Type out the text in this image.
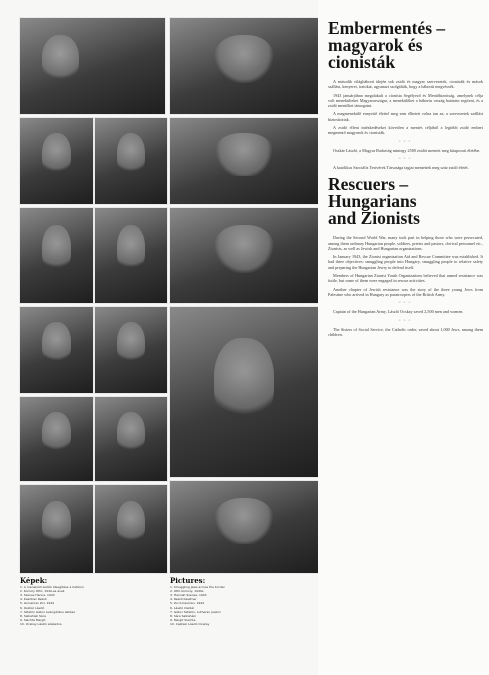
Képek:

1. A menekülő zsidók átsegítése a határon

2. Komoly Ottó, 1940-es évek

3. Szenes Hanna, 1943

4. Kasztner Rezső

5. Grossman Zvi, 1944

6. Oszkár László

7. Sztehlo Gábor evangélikus lelkész

8. Salkaházi Sára

9. Slachta Margit

10. Ocskay László százados

Pictures:

1. Smuggling Jews across the border

2. Ottó Komoly, 1940s

3. Hannah Szenes, 1943

4. Rezső Kasztner

5. Zvi Grossman, 1944

6. László Oszkár

7. Gábor Sztehlo, Lutheran pastor

8. Sára Salkaházi

9. Margit Slachta

10. Captain László Ocskay

Embermentés –
magyarok és cionisták

A második világháború idején sok zsidó és magyar szervezetek, cionisták és mások szállást, kenyeret, iratokat, ugyanazt szolgálták, hogy a háborút megvéssék.

1943 januárjában megalakult a cionista Segélyező és Mentőbizottság, amelynek célja volt menekülteket Magyarországra, a menekülőket a háborús ország határain segíteni, és a zsidó mentőket támogatni.

A megmenekülő ennyeitő élettel meg sem élhetett volna tan az, a szervezetek szállást biztosítottak.

A zsidó elleni intézkedéseket követően a mentés céljából a legtöbb zsidó embert megmentő magyarok és cionisták.

◦◦◦

Oszkár László, a Magyar Radarság mintegy 2500 zsidót mentett meg kitaposott életébe.

◦◦◦

A katolikus Szociális Testvérek Társasága tagjai mentettek meg száz zsidó életét.

Rescuers – Hungarians
and Zionists

During the Second World War, many took part in helping those who were persecuted, among them ordinary Hungarian people, soldiers, priests and pastors, clerical personnel etc., Zionists, as well as Jewish and Hungarian organizations.

In January 1943, the Zionist organization Aid and Rescue Committee was established. It had three objectives: smuggling people into Hungary, smuggling people to relative safety and preparing the Hungarian Jewry to defend itself.

Members of Hungarian Zionist Youth Organizations believed that armed resistance was futile, but some of them were engaged in rescue activities.

Another chapter of Jewish resistance was the story of the three young Jews from Palestine who arrived in Hungary as paratroopers of the British Army.

◦◦◦

Captain of the Hungarian Army, László Ocskay saved 2,500 men and women.

◦◦◦

The Sisters of Social Service, the Catholic order, saved about 1,000 Jews, among them children.
